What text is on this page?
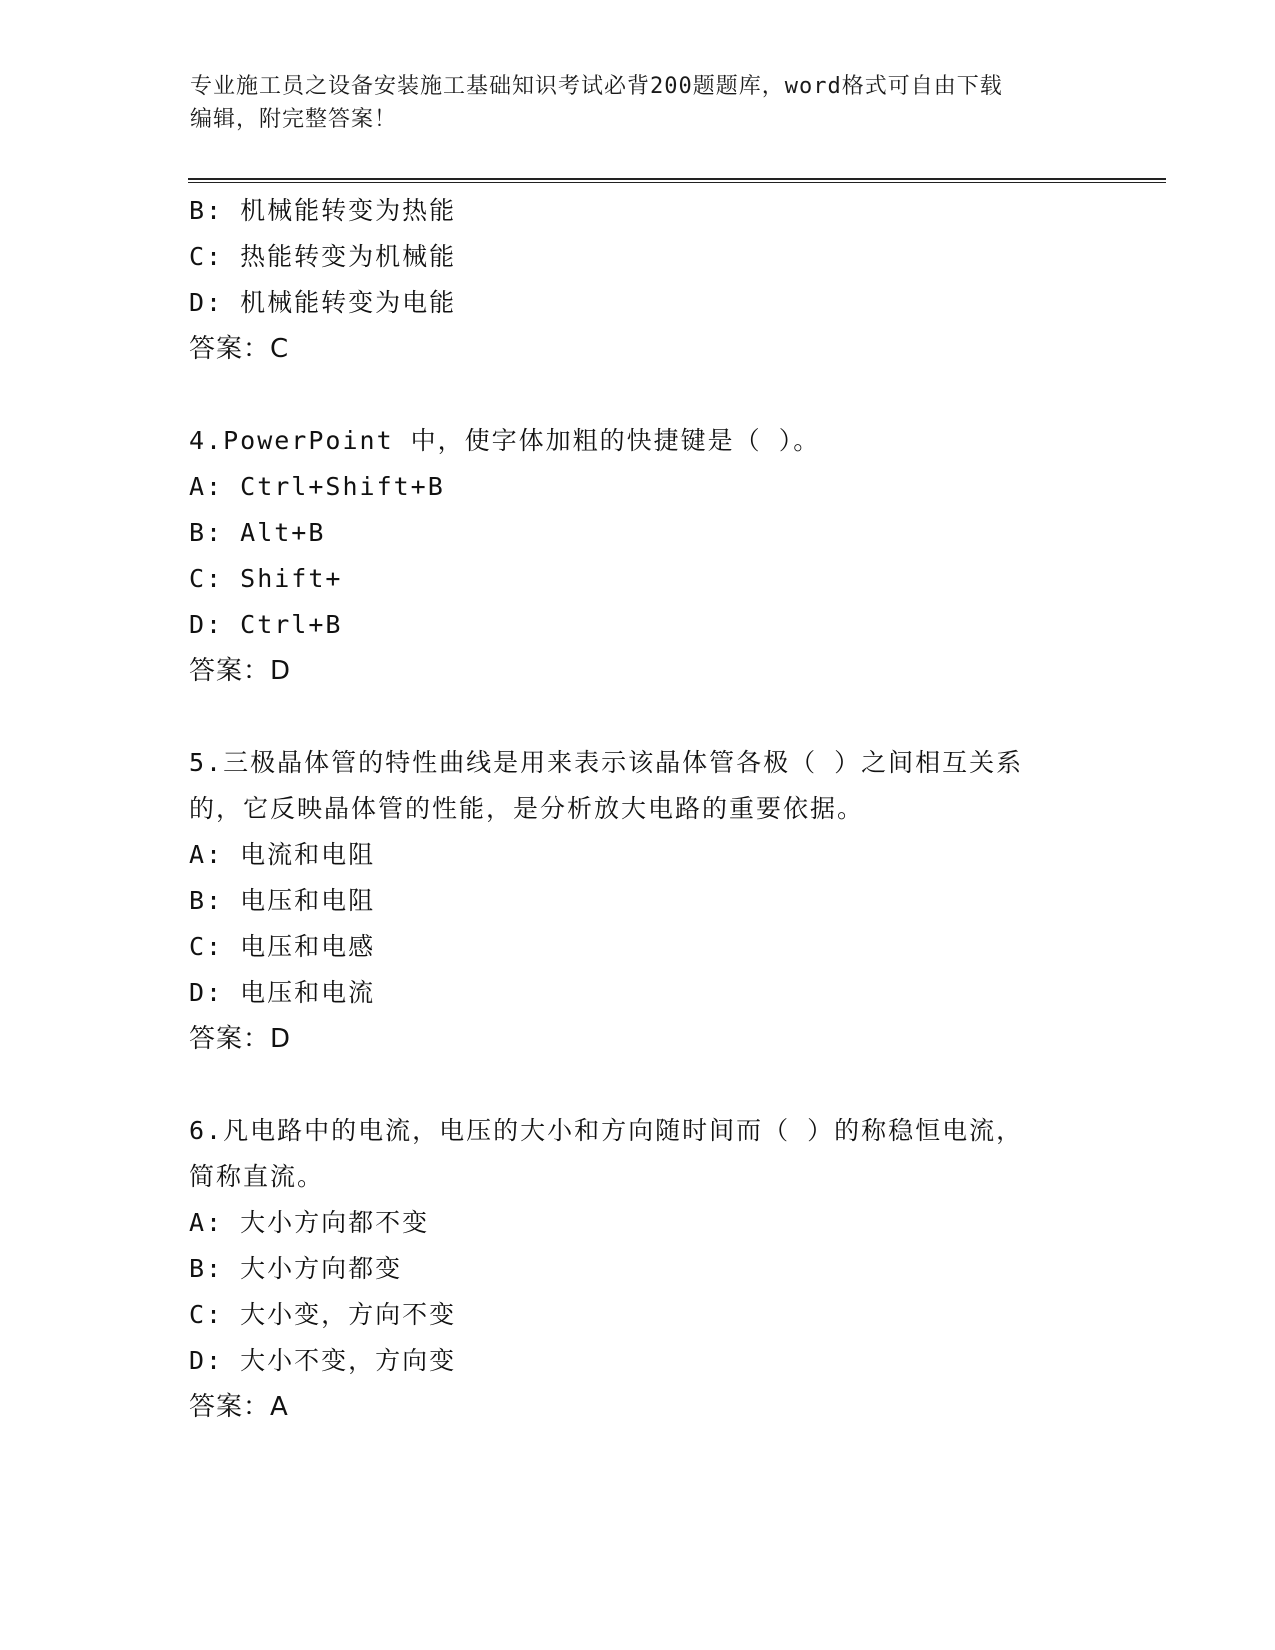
专业施工员之设备安装施工基础知识考试必背200题题库，word格式可自由下载
编辑，附完整答案！
B: 机械能转变为热能
C: 热能转变为机械能
D: 机械能转变为电能
答案：C
4.PowerPoint 中，使字体加粗的快捷键是（ ）。
A: Ctrl+Shift+B
B: Alt+B
C: Shift+
D: Ctrl+B
答案：D
5.三极晶体管的特性曲线是用来表示该晶体管各极（ ）之间相互关系
的，它反映晶体管的性能，是分析放大电路的重要依据。
A: 电流和电阻
B: 电压和电阻
C: 电压和电感
D: 电压和电流
答案：D
6.凡电路中的电流，电压的大小和方向随时间而（ ）的称稳恒电流，
简称直流。
A: 大小方向都不变
B: 大小方向都变
C: 大小变，方向不变
D: 大小不变，方向变
答案：A
